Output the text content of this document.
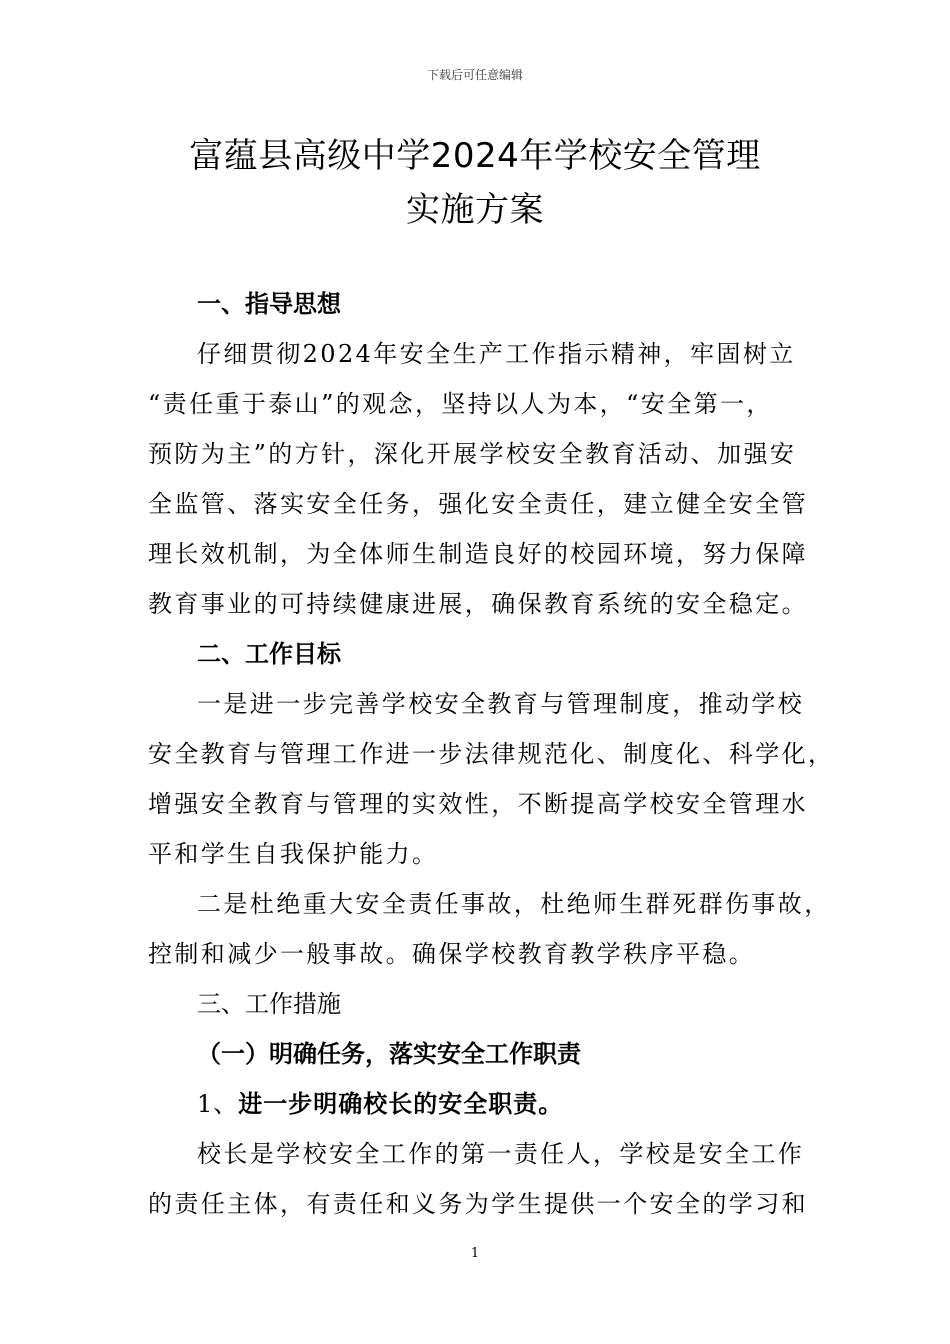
下载后可任意编辑
富蕴县高级中学2024年学校安全管理
实施方案
一、指导思想
仔细贯彻2024年安全生产工作指示精神，牢固树立
“责任重于泰山”的观念，坚持以人为本，“安全第一，
预防为主”的方针，深化开展学校安全教育活动、加强安
全监管、落实安全任务，强化安全责任，建立健全安全管
理长效机制，为全体师生制造良好的校园环境，努力保障
教育事业的可持续健康进展，确保教育系统的安全稳定。
二、工作目标
一是进一步完善学校安全教育与管理制度，推动学校
安全教育与管理工作进一步法律规范化、制度化、科学化，
增强安全教育与管理的实效性，不断提高学校安全管理水
平和学生自我保护能力。
二是杜绝重大安全责任事故，杜绝师生群死群伤事故，
控制和减少一般事故。确保学校教育教学秩序平稳。
三、工作措施
（一）明确任务，落实安全工作职责
1、进一步明确校长的安全职责。
校长是学校安全工作的第一责任人，学校是安全工作
的责任主体，有责任和义务为学生提供一个安全的学习和
1
